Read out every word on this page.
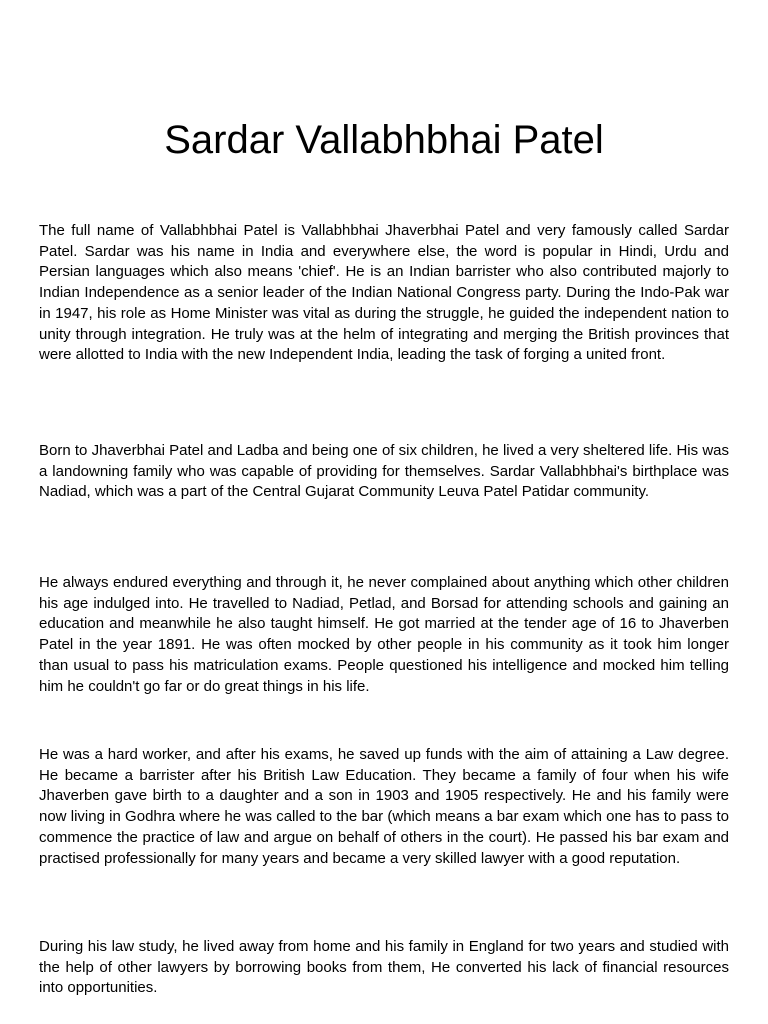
Sardar Vallabhbhai Patel

The full name of Vallabhbhai Patel is Vallabhbhai Jhaverbhai Patel and very famously called Sardar Patel. Sardar was his name in India and everywhere else, the word is popular in Hindi, Urdu and Persian languages which also means 'chief'. He is an Indian barrister who also contributed majorly to Indian Independence as a senior leader of the Indian National Congress party. During the Indo-Pak war in 1947, his role as Home Minister was vital as during the struggle, he guided the independent nation to unity through integration. He truly was at the helm of integrating and merging the British provinces that were allotted to India with the new Independent India, leading the task of forging a united front.

Born to Jhaverbhai Patel and Ladba and being one of six children, he lived a very sheltered life. His was a landowning family who was capable of providing for themselves. Sardar Vallabhbhai's birthplace was Nadiad, which was a part of the Central Gujarat Community Leuva Patel Patidar community.

He always endured everything and through it, he never complained about anything which other children his age indulged into. He travelled to Nadiad, Petlad, and Borsad for attending schools and gaining an education and meanwhile he also taught himself. He got married at the tender age of 16 to Jhaverben Patel in the year 1891. He was often mocked by other people in his community as it took him longer than usual to pass his matriculation exams. People questioned his intelligence and mocked him telling him he couldn't go far or do great things in his life.

He was a hard worker, and after his exams, he saved up funds with the aim of attaining a Law degree. He became a barrister after his British Law Education. They became a family of four when his wife Jhaverben gave birth to a daughter and a son in 1903 and 1905 respectively. He and his family were now living in Godhra where he was called to the bar (which means a bar exam which one has to pass to commence the practice of law and argue on behalf of others in the court). He passed his bar exam and practised professionally for many years and became a very skilled lawyer with a good reputation.

During his law study, he lived away from home and his family in England for two years and studied with the help of other lawyers by borrowing books from them, He converted his lack of financial resources into opportunities.
